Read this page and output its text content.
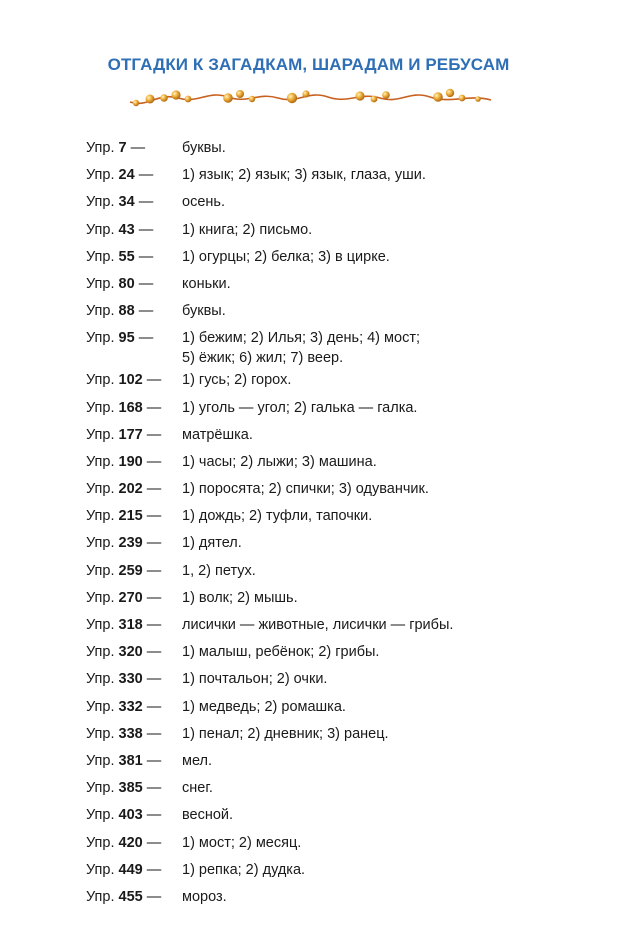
ОТГАДКИ К ЗАГАДКАМ, ШАРАДАМ И РЕБУСАМ
Упр. 7 —	буквы.
Упр. 24 — 1) язык; 2) язык; 3) язык, глаза, уши.
Упр. 34 — осень.
Упр. 43 — 1) книга; 2) письмо.
Упр. 55 — 1) огурцы; 2) белка; 3) в цирке.
Упр. 80 — коньки.
Упр. 88 — буквы.
Упр. 95 — 1) бежим; 2) Илья; 3) день; 4) мост;
5) ёжик; 6) жил; 7) веер.
Упр. 102 — 1) гусь; 2) горох.
Упр. 168 — 1) уголь — угол; 2) галька — галка.
Упр. 177 — матрёшка.
Упр. 190 — 1) часы; 2) лыжи; 3) машина.
Упр. 202 — 1) поросята; 2) спички; 3) одуванчик.
Упр. 215 — 1) дождь; 2) туфли, тапочки.
Упр. 239 — 1) дятел.
Упр. 259 — 1, 2) петух.
Упр. 270 — 1) волк; 2) мышь.
Упр. 318 — лисички — животные, лисички — грибы.
Упр. 320 — 1) малыш, ребёнок; 2) грибы.
Упр. 330 — 1) почтальон; 2) очки.
Упр. 332 — 1) медведь; 2) ромашка.
Упр. 338 — 1) пенал; 2) дневник; 3) ранец.
Упр. 381 — мел.
Упр. 385 — снег.
Упр. 403 — весной.
Упр. 420 — 1) мост; 2) месяц.
Упр. 449 — 1) репка; 2) дудка.
Упр. 455 — мороз.
